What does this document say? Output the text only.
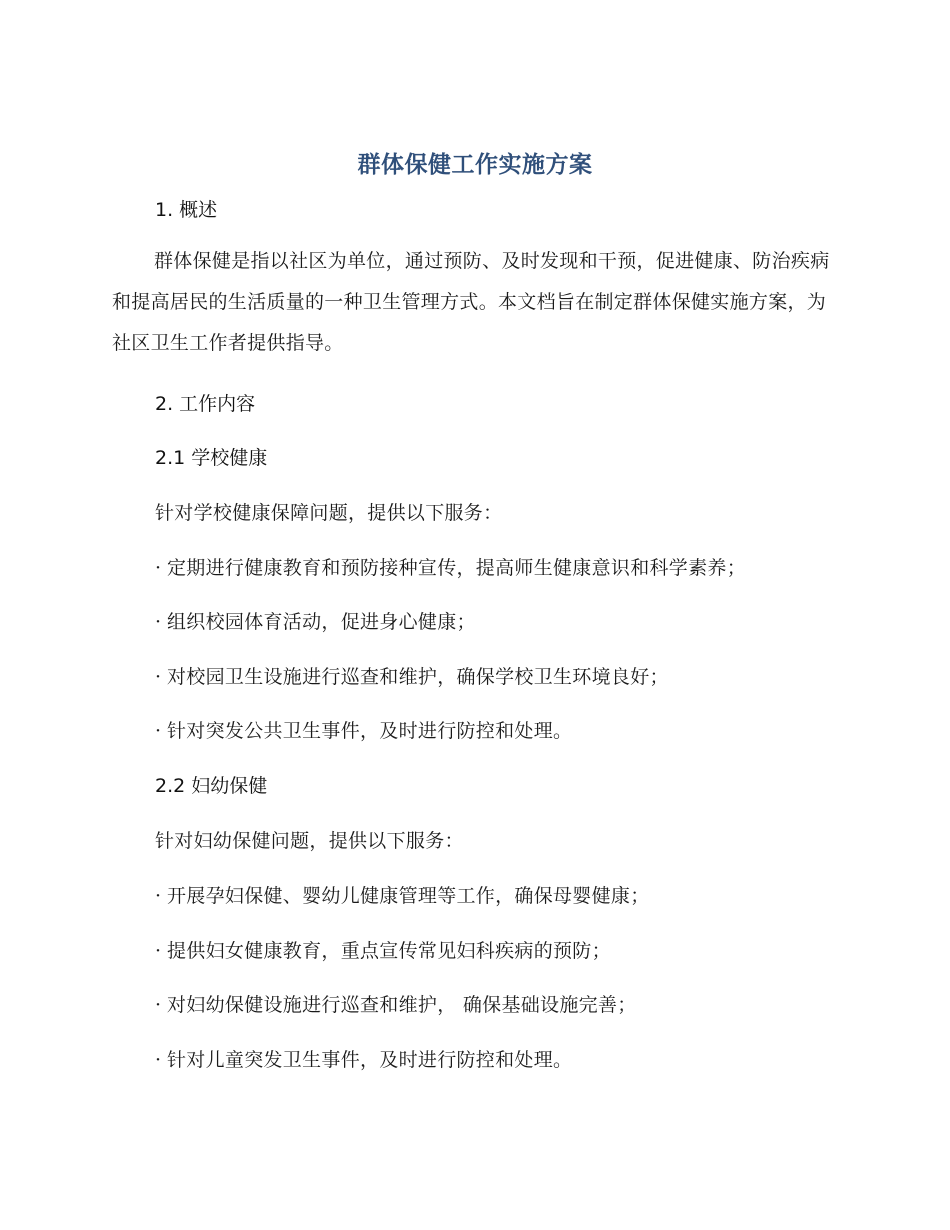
群体保健工作实施方案
1. 概述
群体保健是指以社区为单位，通过预防、及时发现和干预，促进健康、防治疾病和提高居民的生活质量的一种卫生管理方式。本文档旨在制定群体保健实施方案，为社区卫生工作者提供指导。
2. 工作内容
2.1 学校健康
针对学校健康保障问题，提供以下服务：
· 定期进行健康教育和预防接种宣传，提高师生健康意识和科学素养；
· 组织校园体育活动，促进身心健康；
· 对校园卫生设施进行巡查和维护，确保学校卫生环境良好；
· 针对突发公共卫生事件，及时进行防控和处理。
2.2 妇幼保健
针对妇幼保健问题，提供以下服务：
· 开展孕妇保健、婴幼儿健康管理等工作，确保母婴健康；
· 提供妇女健康教育，重点宣传常见妇科疾病的预防；
· 对妇幼保健设施进行巡查和维护， 确保基础设施完善；
· 针对儿童突发卫生事件，及时进行防控和处理。
